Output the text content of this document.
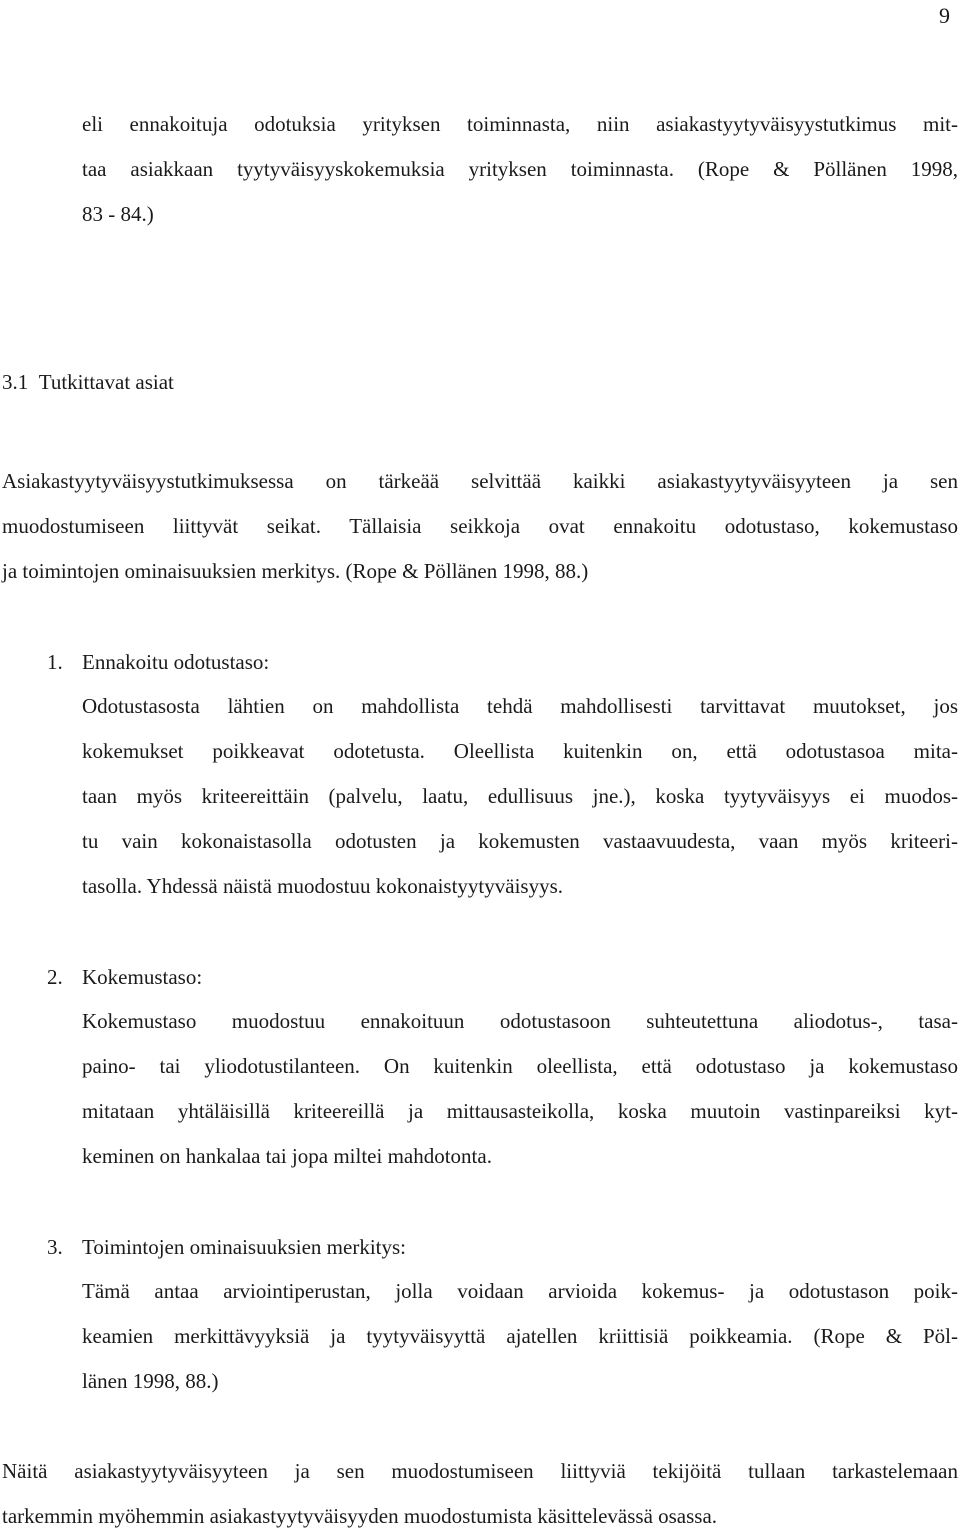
9
eli ennakoituja odotuksia yrityksen toiminnasta, niin asiakastyytyväisyystutkimus mit-
taa asiakkaan tyytyväisyyskokemuksia yrityksen toiminnasta. (Rope & Pöllänen 1998,
83 - 84.)
3.1 Tutkittavat asiat
Asiakastyytyväisyystutkimuksessa on tärkeää selvittää kaikki asiakastyytyväisyyteen ja sen
muodostumiseen liittyvät seikat. Tällaisia seikkoja ovat ennakoitu odotustaso, kokemustaso
ja toimintojen ominaisuuksien merkitys. (Rope & Pöllänen 1998, 88.)
1. Ennakoitu odotustaso:
Odotustasosta lähtien on mahdollista tehdä mahdollisesti tarvittavat muutokset, jos
kokemukset poikkeavat odotetusta. Oleellista kuitenkin on, että odotustasoa mita-
taan myös kriteereittäin (palvelu, laatu, edullisuus jne.), koska tyytyväisyys ei muodos-
tu vain kokonaistasolla odotusten ja kokemusten vastaavuudesta, vaan myös kriteeri-
tasolla. Yhdessä näistä muodostuu kokonaistyytyväisyys.
2. Kokemustaso:
Kokemustaso muodostuu ennakoituun odotustasoon suhteutettuna aliodotus-, tasa-
paino- tai yliodotustilanteen. On kuitenkin oleellista, että odotustaso ja kokemustaso
mitataan yhtäläisillä kriteereillä ja mittausasteikolla, koska muutoin vastinpareiksi kyt-
keminen on hankalaa tai jopa miltei mahdotonta.
3. Toimintojen ominaisuuksien merkitys:
Tämä antaa arviointiperustan, jolla voidaan arvioida kokemus- ja odotustason poik-
keamien merkittävyyksiä ja tyytyväisyyttä ajatellen kriittisiä poikkeamia. (Rope & Pöl-
länen 1998, 88.)
Näitä asiakastyytyväisyyteen ja sen muodostumiseen liittyviä tekijöitä tullaan tarkastelemaan
tarkemmin myöhemmin asiakastyytyväisyyden muodostumista käsittelevässä osassa.
